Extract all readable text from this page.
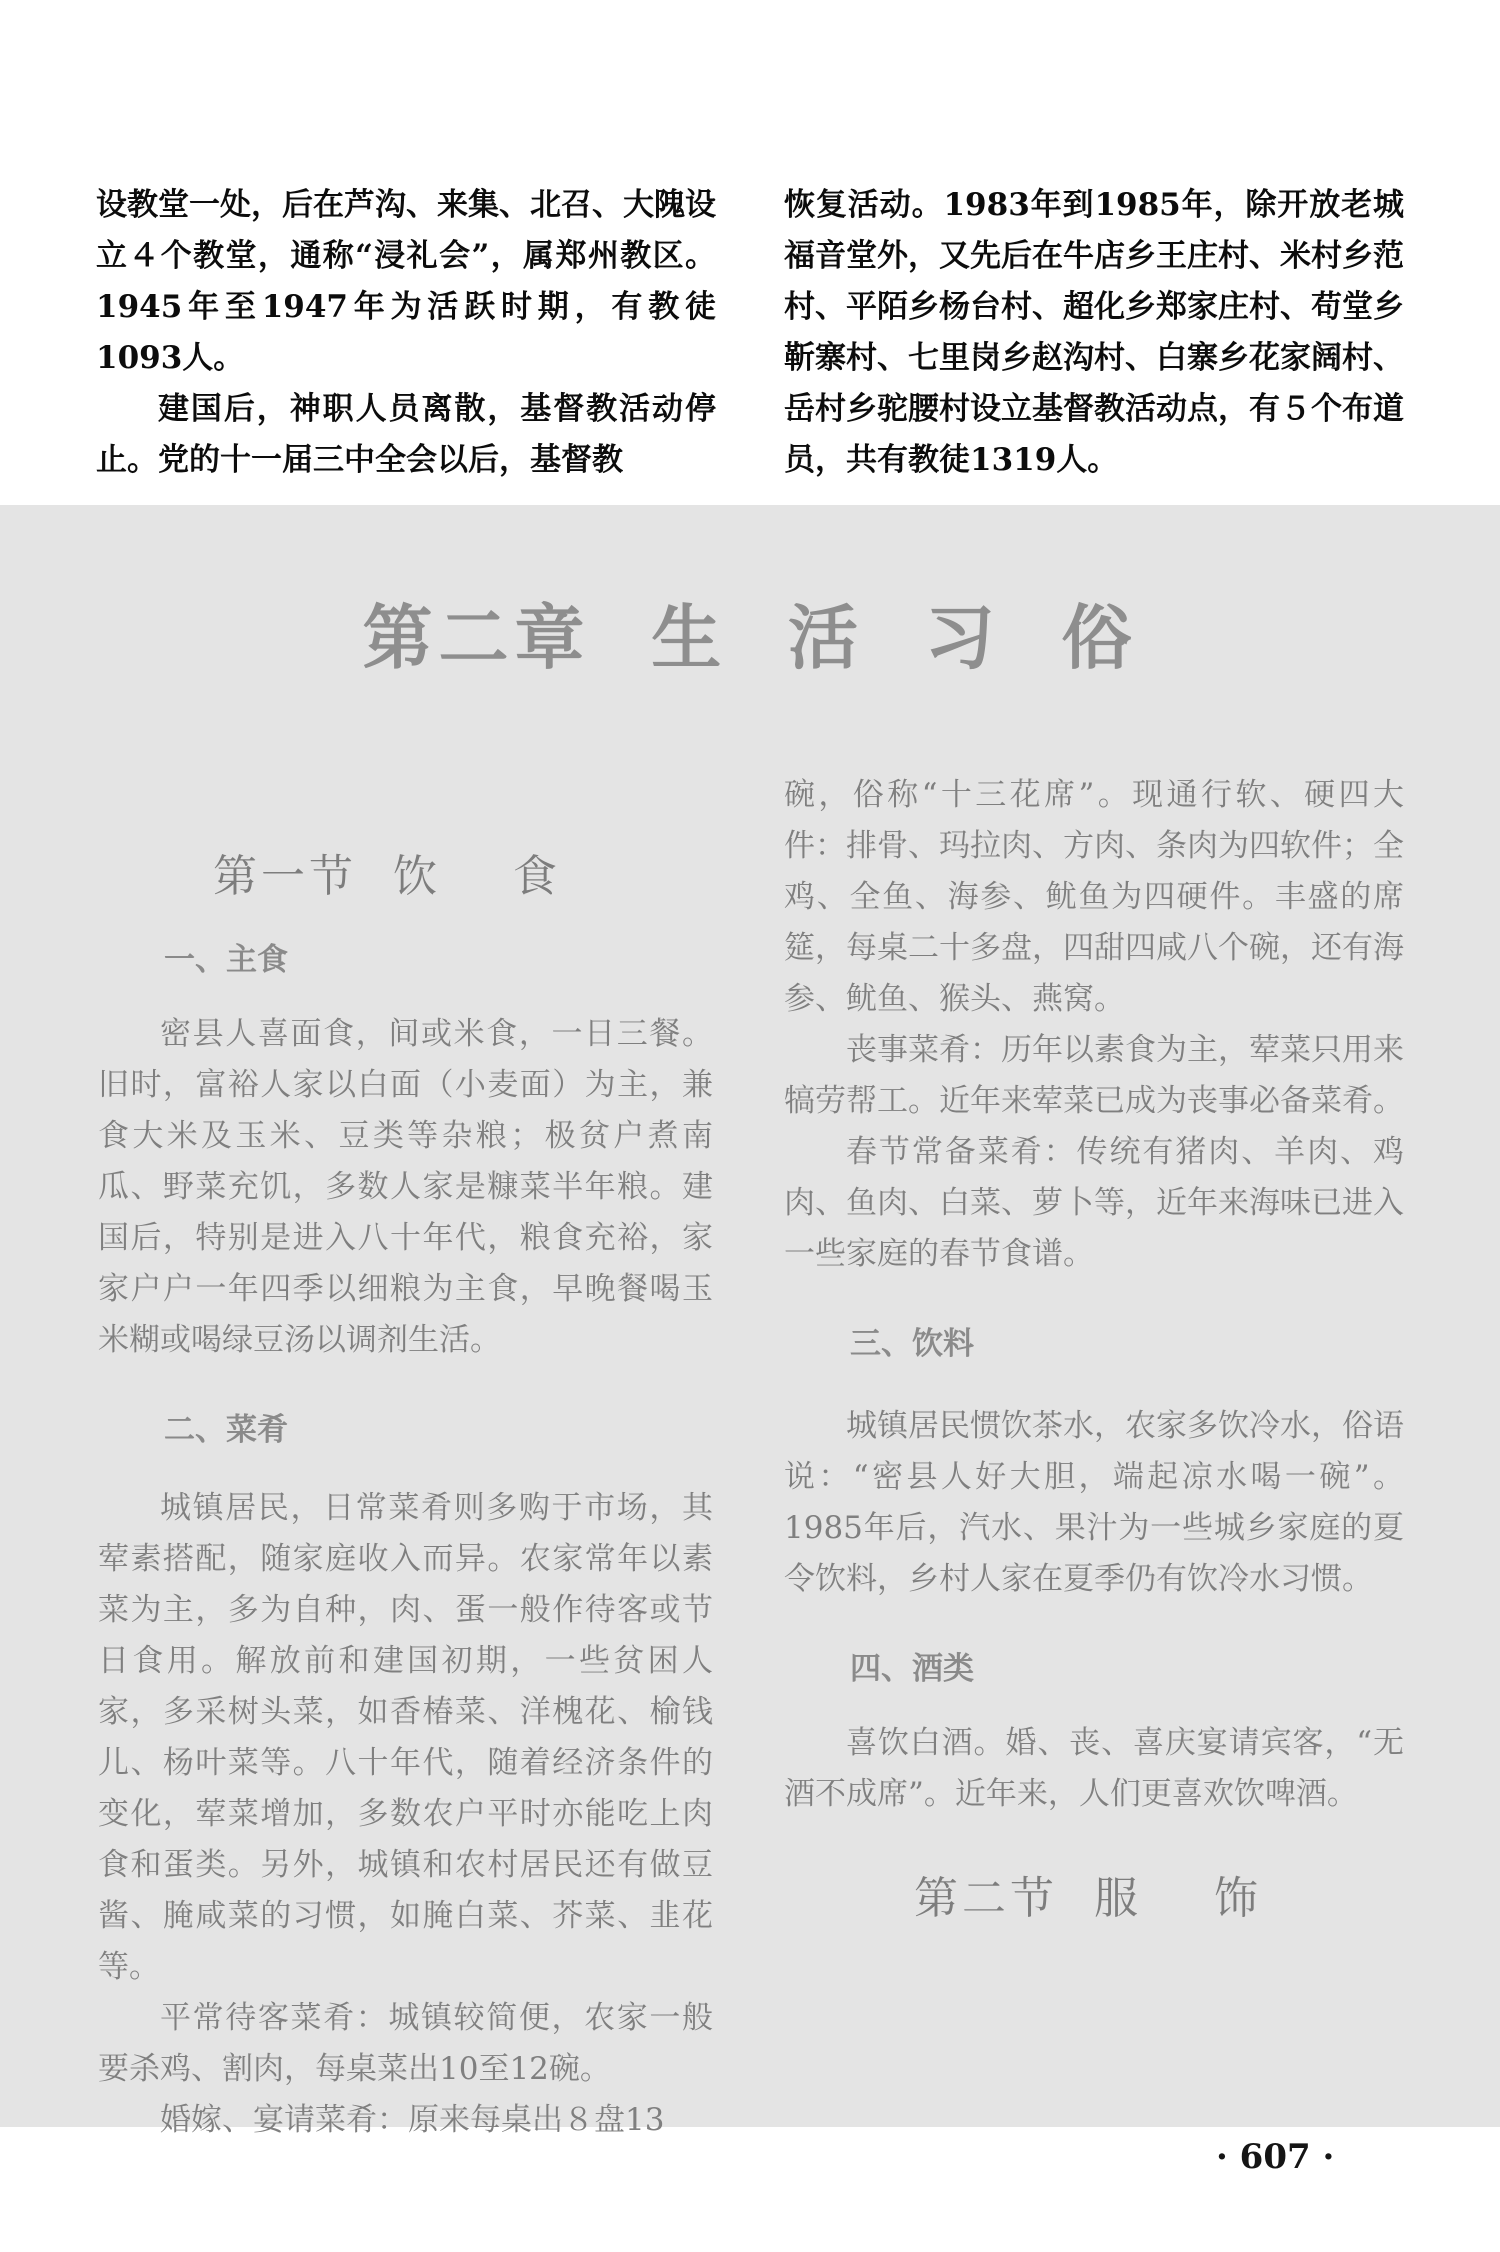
设教堂一处，后在芦沟、来集、北召、大隗设立４个教堂，通称“浸礼会”，属郑州教区。1945年至1947年为活跃时期，有教徒1093人。

建国后，神职人员离散，基督教活动停止。党的十一届三中全会以后，基督教

恢复活动。1983年到1985年，除开放老城福音堂外，又先后在牛店乡王庄村、米村乡范村、平陌乡杨台村、超化乡郑家庄村、苟堂乡靳寨村、七里岗乡赵沟村、白寨乡花家阔村、岳村乡驼腰村设立基督教活动点，有５个布道员，共有教徒1319人。

第二章  生  活  习  俗

第一节  饮    食

一、主食

密县人喜面食，间或米食，一日三餐。旧时，富裕人家以白面（小麦面）为主，兼食大米及玉米、豆类等杂粮；极贫户煮南瓜、野菜充饥，多数人家是糠菜半年粮。建国后，特别是进入八十年代，粮食充裕，家家户户一年四季以细粮为主食，早晚餐喝玉米糊或喝绿豆汤以调剂生活。

二、菜肴

城镇居民，日常菜肴则多购于市场，其荤素搭配，随家庭收入而异。农家常年以素菜为主，多为自种，肉、蛋一般作待客或节日食用。解放前和建国初期，一些贫困人家，多采树头菜，如香椿菜、洋槐花、榆钱儿、杨叶菜等。八十年代，随着经济条件的变化，荤菜增加，多数农户平时亦能吃上肉食和蛋类。另外，城镇和农村居民还有做豆酱、腌咸菜的习惯，如腌白菜、芥菜、韭花等。

平常待客菜肴：城镇较简便，农家一般要杀鸡、割肉，每桌菜出10至12碗。

婚嫁、宴请菜肴：原来每桌出８盘13

碗，俗称“十三花席”。现通行软、硬四大件：排骨、玛拉肉、方肉、条肉为四软件；全鸡、全鱼、海参、鱿鱼为四硬件。丰盛的席筵，每桌二十多盘，四甜四咸八个碗，还有海参、鱿鱼、猴头、燕窝。

丧事菜肴：历年以素食为主，荤菜只用来犒劳帮工。近年来荤菜已成为丧事必备菜肴。

春节常备菜肴：传统有猪肉、羊肉、鸡肉、鱼肉、白菜、萝卜等，近年来海味已进入一些家庭的春节食谱。

三、饮料

城镇居民惯饮茶水，农家多饮冷水，俗语说：“密县人好大胆，端起凉水喝一碗”。1985年后，汽水、果汁为一些城乡家庭的夏令饮料，乡村人家在夏季仍有饮冷水习惯。

四、酒类

喜饮白酒。婚、丧、喜庆宴请宾客，“无酒不成席”。近年来，人们更喜欢饮啤酒。

第二节  服    饰

· 607 ·
